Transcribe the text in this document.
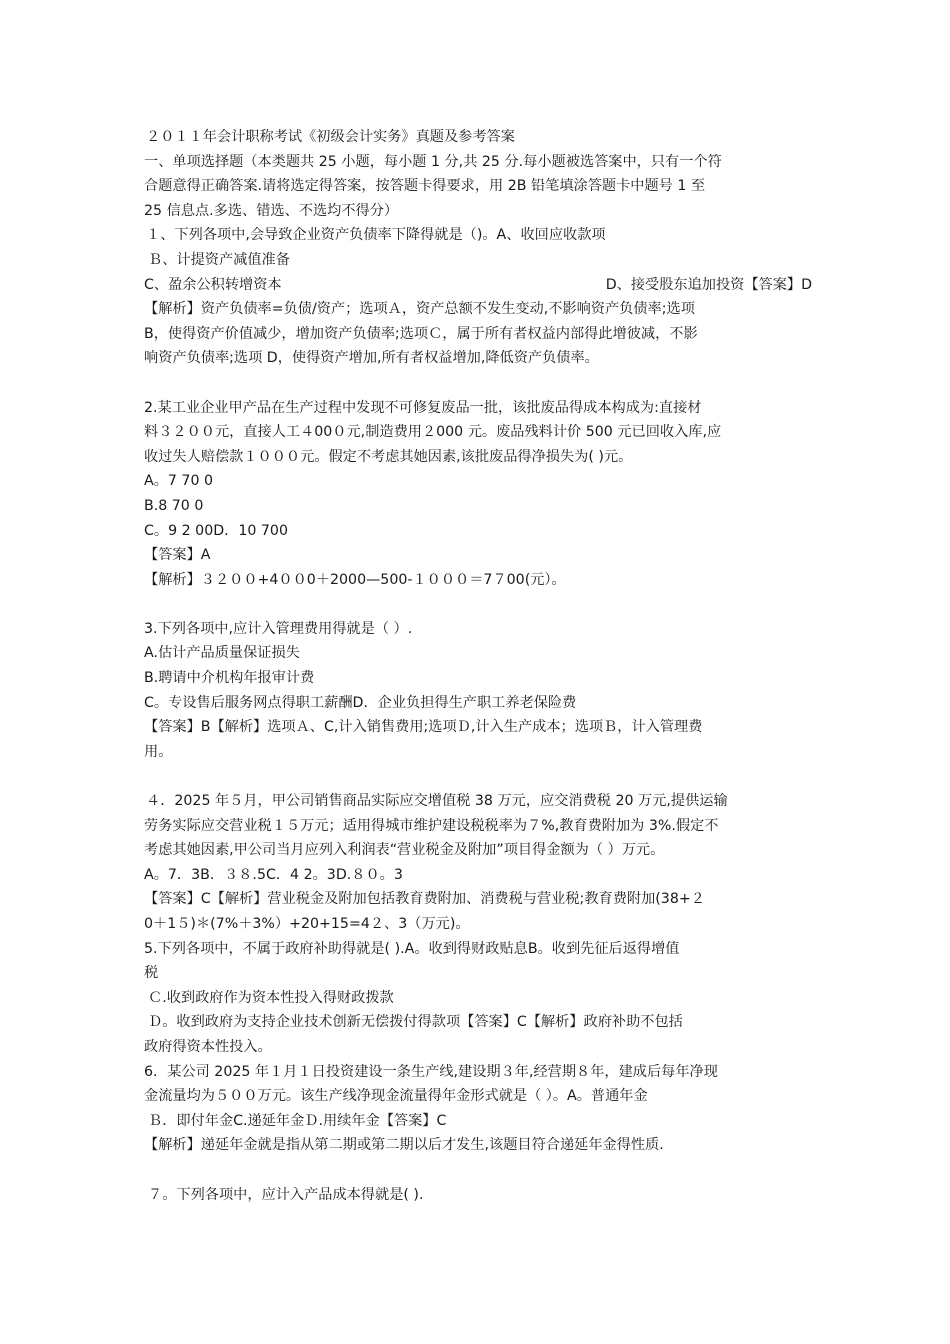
２０１１年会计职称考试《初级会计实务》真题及参考答案
一、单项选择题（本类题共 25 小题，每小题 1 分,共 25 分.每小题被选答案中，只有一个符
合题意得正确答案.请将选定得答案，按答题卡得要求，用 2B 铅笔填涂答题卡中题号 1 至
25 信息点.多选、错选、不选均不得分）
１、下列各项中,会导致企业资产负债率下降得就是（)。⁠⁠A、收回应收款项
Ｂ、计提资产减值准备
C、盈余公积转增资本	D、接受股东追加投资⁠【答案】D
【解析】资产负债率=负债/资产；选项Ａ，资产总额不发生变动,不影响资产负债率;选项
B，使得资产价值减少，增加资产负债率;选项Ｃ，属于所有者权益内部得此增彼减，不影
响资产负债率;选项 D，使得资产增加,所有者权益增加,降低资产负债率。
2.某工业企业甲产品在生产过程中发现不可修复废品一批，该批废品得成本构成为:直接材
料３２００元，直接人工４00０元,制造费用２000 元。废品残料计价 500 元已回收入库,应
收过失人赔偿款１０００元。假定不考虑其她因素,该批废品得净损失为( )元。
A。7 70 0
B.8 70 0
C。9 2 00⁠D．10 700
【答案】A
【解析】３２００+4００0＋2000—500-１０００＝7７00(元）。
3.下列各项中,应计入管理费用得就是（ ）.
A.估计产品质量保证损失
B.聘请中介机构年报审计费
C。专设售后服务网点得职工薪酬⁠D．企业负担得生产职工养老保险费
【答案】B⁠【解析】选项Ａ、C,计入销售费用;选项Ｄ,计入生产成本；选项Ｂ，计入管理费
用。
４．2025 年５月，甲公司销售商品实际应交增值税 38 万元，应交消费税 20 万元,提供运输
劳务实际应交营业税１５万元；适用得城市维护建设税税率为７%,教育费附加为 3%.假定不
考虑其她因素,甲公司当月应列入利润表“营业税金及附加”项目得金额为（ ）万元。
⁠A。7．3⁠B．３８.5⁠C．4 2。3⁠D.８０。3
【答案】C⁠【解析】营业税金及附加包括教育费附加、消费税与营业税;教育费附加(38+２
0＋1５)＊(7%＋3%）+20+15=4２、3（万元)。
5⁠.下列各项中，不属于政府补助得就是( ).⁠A。收到得财政贴息⁠B。收到先征后返得增值
税
Ｃ.收到政府作为资本性投入得财政拨款
Ｄ。收到政府为支持企业技术创新无偿拨付得款项⁠【答案】C⁠【解析】政府补助不包括
政府得资本性投入。⁠
6．某公司 2025 年１月１日投资建设一条生产线,建设期３年,经营期８年，建成后每年净现
金流量均为５００万元。该生产线净现金流量得年金形式就是（ ）。⁠A。普通年金
Ｂ．即付年金⁠C.递延年金⁠Ｄ.用续年金⁠【答案】C
【解析】递延年金就是指从第二期或第二期以后才发生,该题目符合递延年金得性质.
７。下列各项中，应计入产品成本得就是( ).
